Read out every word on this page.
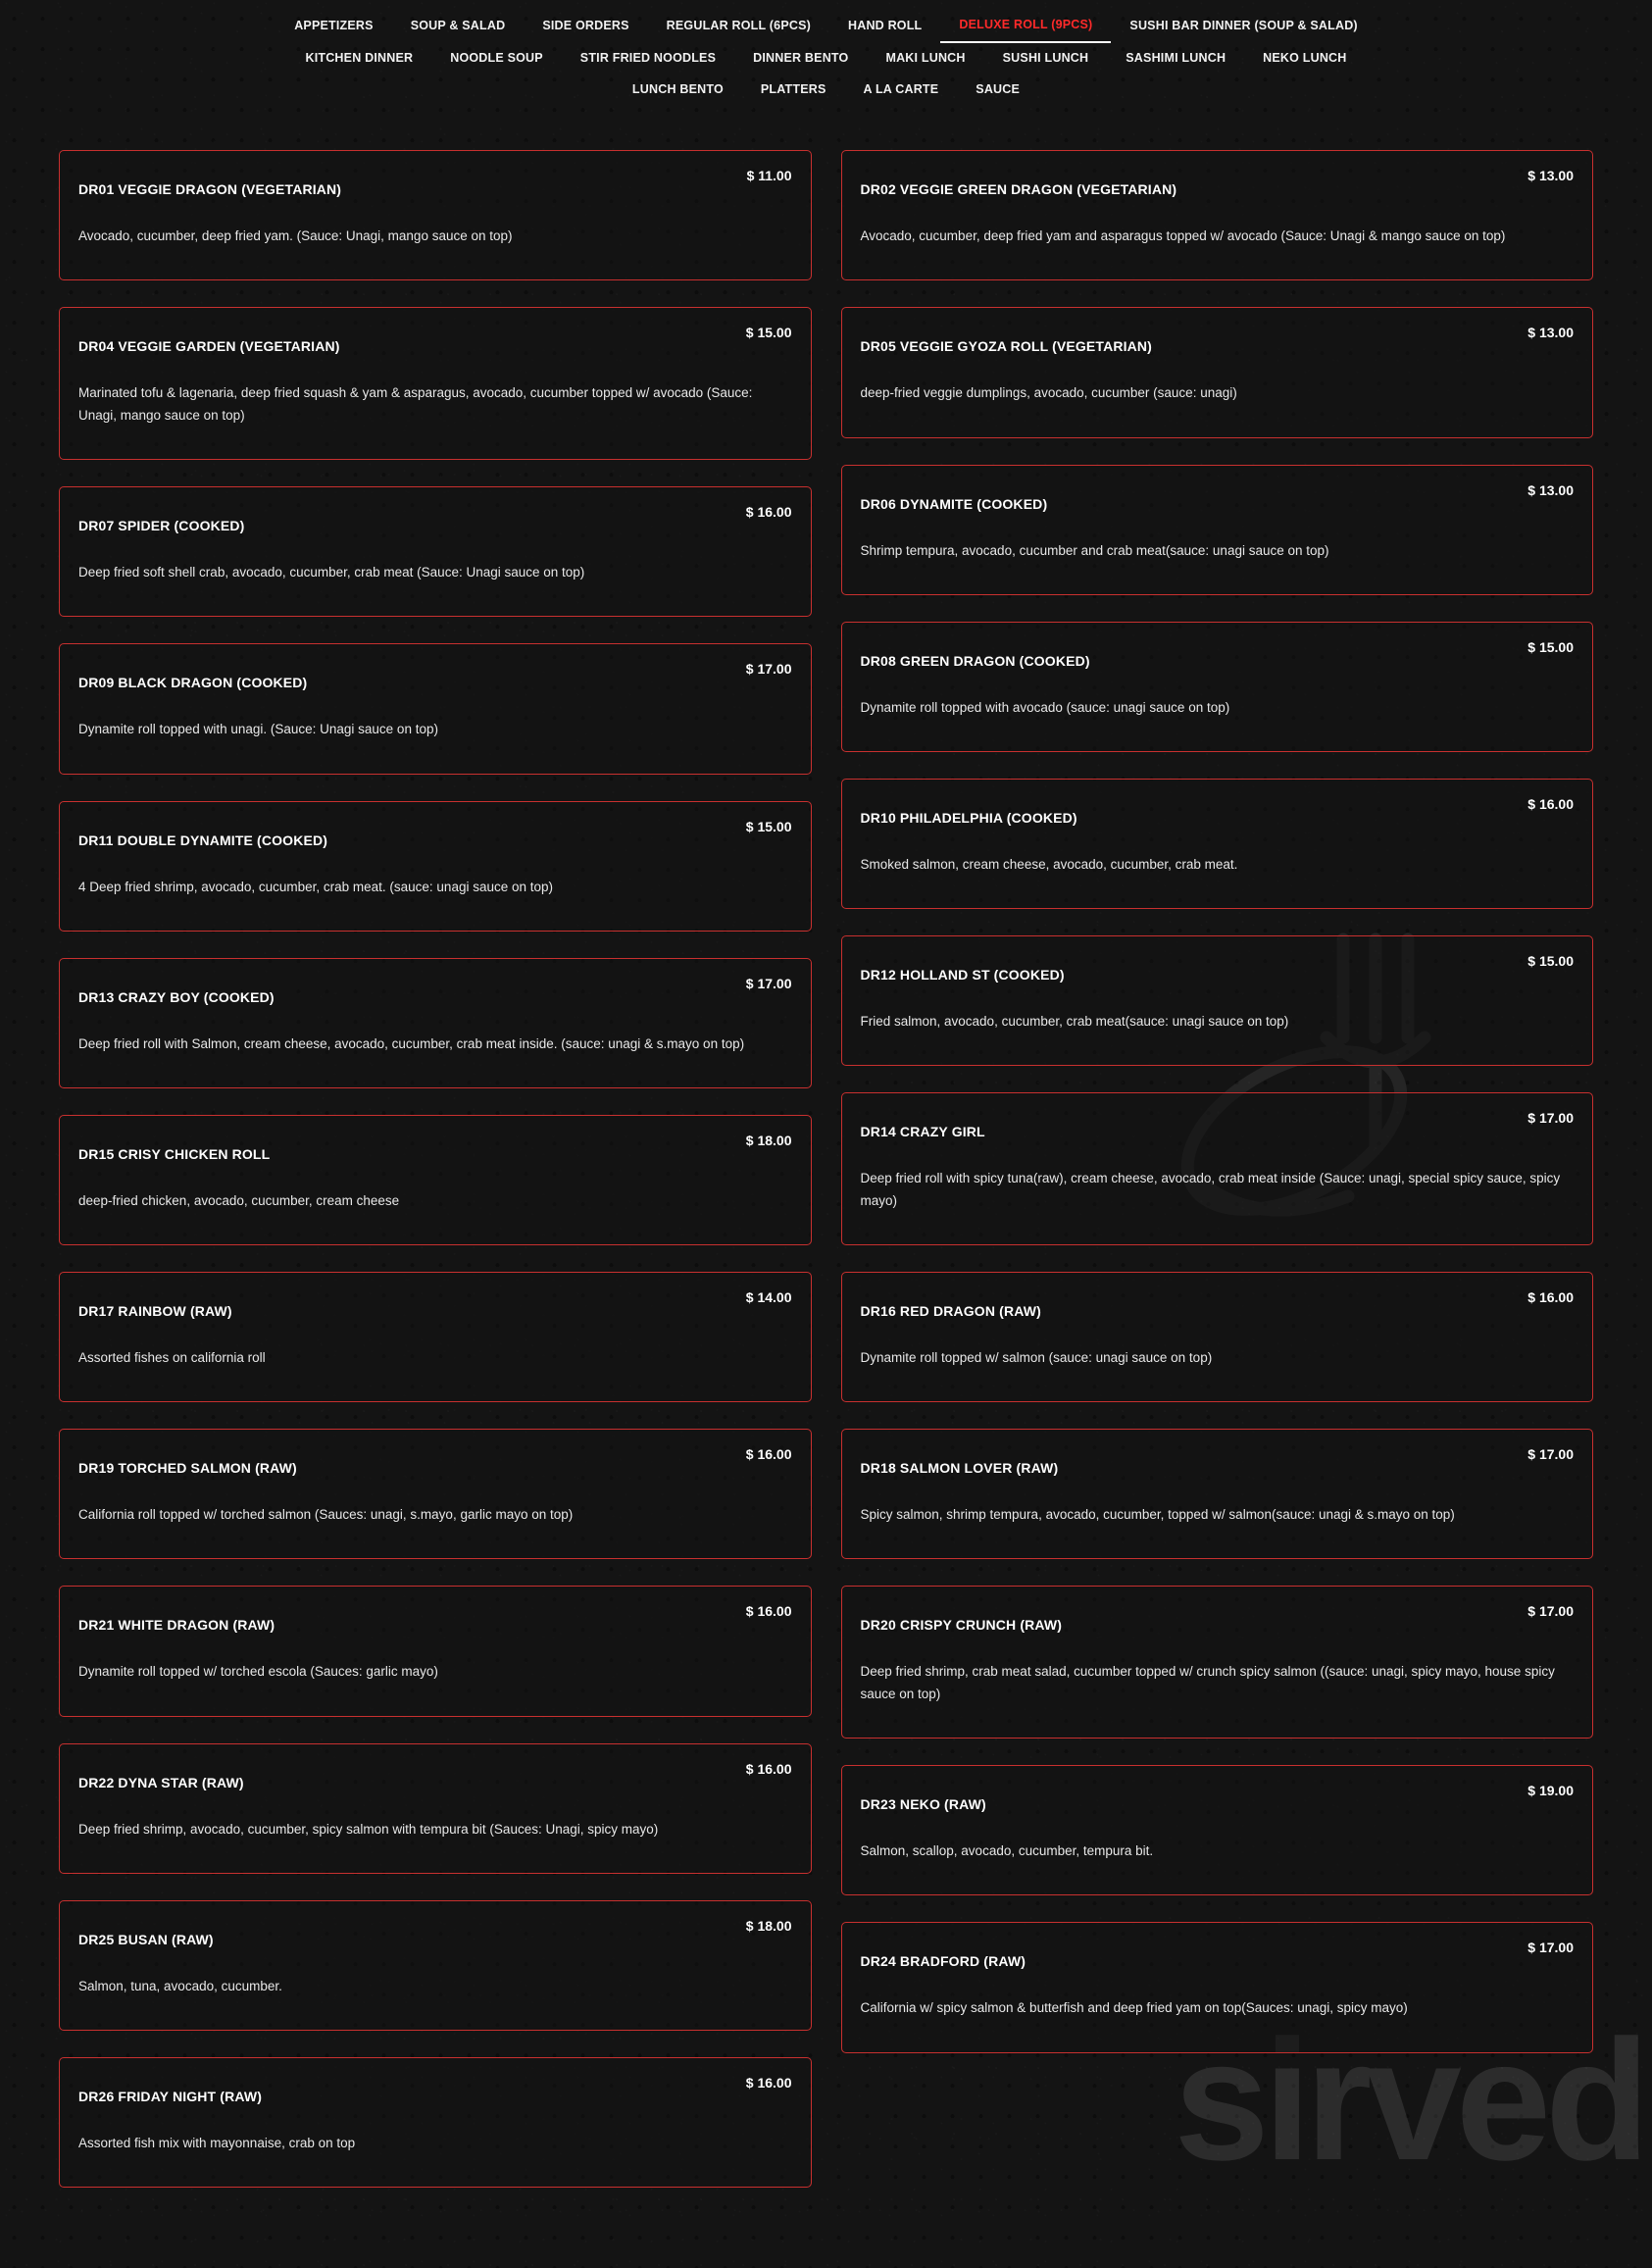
APPETIZERS	SOUP & SALAD	SIDE ORDERS	REGULAR ROLL (6PCS)	HAND ROLL	DELUXE ROLL (9PCS)	SUSHI BAR DINNER (SOUP & SALAD)
KITCHEN DINNER	NOODLE SOUP	STIR FRIED NOODLES	DINNER BENTO	MAKI LUNCH	SUSHI LUNCH	SASHIMI LUNCH	NEKO LUNCH
LUNCH BENTO	PLATTERS	A LA CARTE	SAUCE
sirved
DR01 VEGGIE DRAGON (VEGETARIAN)
$ 11.00

Avocado, cucumber, deep fried yam. (Sauce: Unagi, mango sauce on top)

DR04 VEGGIE GARDEN (VEGETARIAN)
$ 15.00

Marinated tofu & lagenaria, deep fried squash & yam & asparagus, avocado, cucumber topped w/ avocado (Sauce: Unagi, mango sauce on top)

DR07 SPIDER (COOKED)
$ 16.00

Deep fried soft shell crab, avocado, cucumber, crab meat (Sauce: Unagi sauce on top)

DR09 BLACK DRAGON (COOKED)
$ 17.00

Dynamite roll topped with unagi. (Sauce: Unagi sauce on top)

DR11 DOUBLE DYNAMITE (COOKED)
$ 15.00

4 Deep fried shrimp, avocado, cucumber, crab meat. (sauce: unagi sauce on top)

DR13 CRAZY BOY (COOKED)
$ 17.00

Deep fried roll with Salmon, cream cheese, avocado, cucumber, crab meat inside. (sauce: unagi & s.mayo on top)

DR15 CRISY CHICKEN ROLL
$ 18.00

deep-fried chicken, avocado, cucumber, cream cheese

DR17 RAINBOW (RAW)
$ 14.00

Assorted fishes on california roll

DR19 TORCHED SALMON (RAW)
$ 16.00

California roll topped w/ torched salmon (Sauces: unagi, s.mayo, garlic mayo on top)

DR21 WHITE DRAGON (RAW)
$ 16.00

Dynamite roll topped w/ torched escola (Sauces: garlic mayo)

DR22 DYNA STAR (RAW)
$ 16.00

Deep fried shrimp, avocado, cucumber, spicy salmon with tempura bit (Sauces: Unagi, spicy mayo)

DR25 BUSAN (RAW)
$ 18.00

Salmon, tuna, avocado, cucumber.

DR26 FRIDAY NIGHT (RAW)
$ 16.00

Assorted fish mix with mayonnaise, crab on top

DR02 VEGGIE GREEN DRAGON (VEGETARIAN)
$ 13.00

Avocado, cucumber, deep fried yam and asparagus topped w/ avocado (Sauce: Unagi & mango sauce on top)

DR05 VEGGIE GYOZA ROLL (VEGETARIAN)
$ 13.00

deep-fried veggie dumplings, avocado, cucumber (sauce: unagi)

DR06 DYNAMITE (COOKED)
$ 13.00

Shrimp tempura, avocado, cucumber and crab meat(sauce: unagi sauce on top)

DR08 GREEN DRAGON (COOKED)
$ 15.00

Dynamite roll topped with avocado (sauce: unagi sauce on top)

DR10 PHILADELPHIA (COOKED)
$ 16.00

Smoked salmon, cream cheese, avocado, cucumber, crab meat.

DR12 HOLLAND ST (COOKED)
$ 15.00

Fried salmon, avocado, cucumber, crab meat(sauce: unagi sauce on top)

DR14 CRAZY GIRL
$ 17.00

Deep fried roll with spicy tuna(raw), cream cheese, avocado, crab meat inside (Sauce: unagi, special spicy sauce, spicy mayo)

DR16 RED DRAGON (RAW)
$ 16.00

Dynamite roll topped w/ salmon (sauce: unagi sauce on top)

DR18 SALMON LOVER (RAW)
$ 17.00

Spicy salmon, shrimp tempura, avocado, cucumber, topped w/ salmon(sauce: unagi & s.mayo on top)

DR20 CRISPY CRUNCH (RAW)
$ 17.00

Deep fried shrimp, crab meat salad, cucumber topped w/ crunch spicy salmon ((sauce: unagi, spicy mayo, house spicy sauce on top)

DR23 NEKO (RAW)
$ 19.00

Salmon, scallop, avocado, cucumber, tempura bit.

DR24 BRADFORD (RAW)
$ 17.00

California w/ spicy salmon & butterfish and deep fried yam on top(Sauces: unagi, spicy mayo)
